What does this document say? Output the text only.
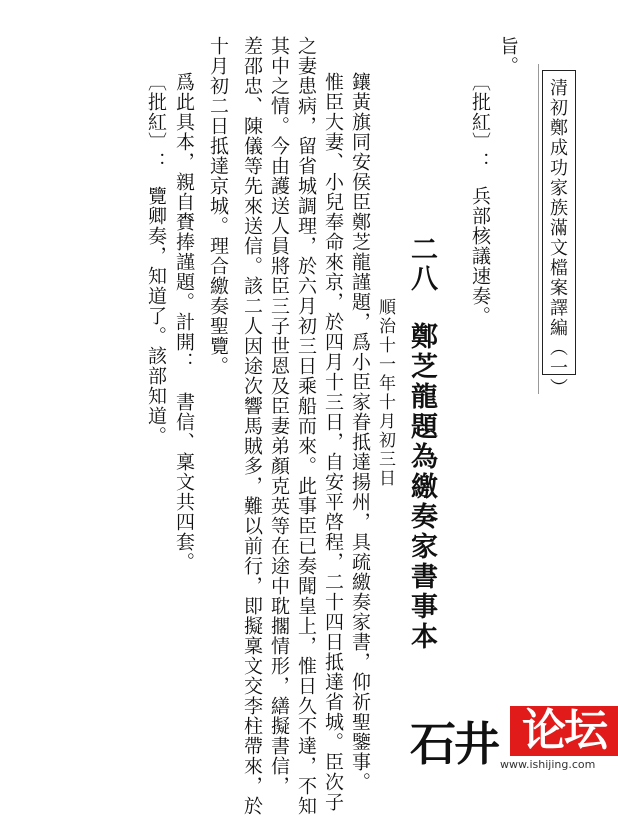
清初鄭成功家族滿文檔案譯編（一）
旨。
〔批紅〕：兵部核議速奏。
二八
鄭芝龍題為繳奏家書事本
順治十一年十月初三日
鑲黃旗同安侯臣鄭芝龍謹題，爲小臣家眷抵達揚州，具疏繳奏家書，仰祈聖鑒事。
惟臣大妻、小兒奉命來京，於四月十三日，自安平啓程，二十四日抵達省城。臣次子
之妻患病，留省城調理，於六月初三日乘船而來。此事臣已奏聞皇上，惟日久不達，不知
其中之情。今由護送人員將臣三子世恩及臣妻弟顏克英等在途中耽擱情形，繕擬書信，
差邵忠、陳儀等先來送信。該二人因途次響馬賊多，難以前行，即擬稟文交李柱帶來，於
十月初二日抵達京城。理合繳奏聖覽。
爲此具本，親自賚捧謹題。計開：　書信、稟文共四套。
〔批紅〕：覽卿奏，知道了。該部知道。
石井 论坛
www.ishijing.com
